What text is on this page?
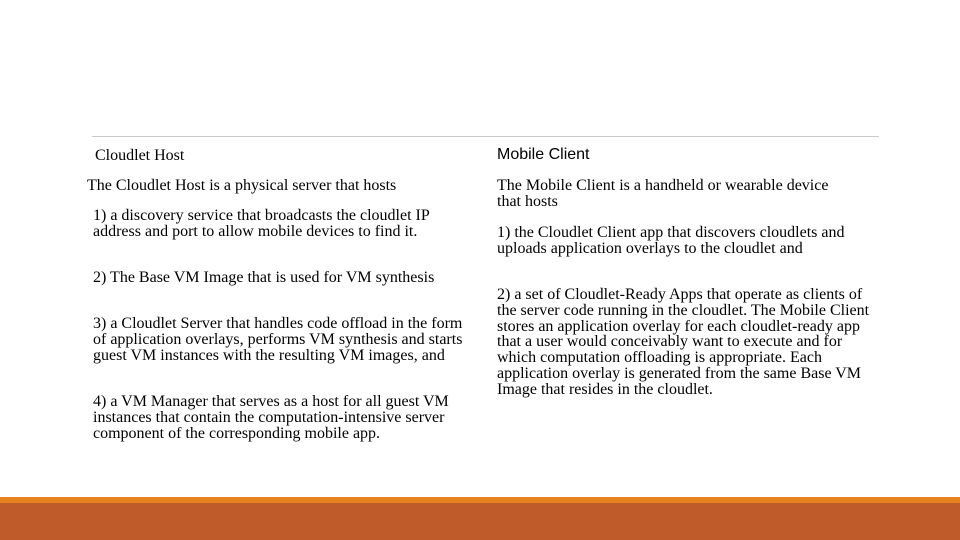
Cloudlet Host

The Cloudlet Host is a physical server that hosts

1) a discovery service that broadcasts the cloudlet IP address and port to allow mobile devices to find it.

2) The Base VM Image that is used for VM synthesis

3) a Cloudlet Server that handles code offload in the form of application overlays, performs VM synthesis and starts guest VM instances with the resulting VM images, and

4) a VM Manager that serves as a host for all guest VM instances that contain the computation-intensive server component of the corresponding mobile app.

Mobile Client

The Mobile Client is a handheld or wearable device that hosts

1) the Cloudlet Client app that discovers cloudlets and uploads application overlays to the cloudlet and

2) a set of Cloudlet-Ready Apps that operate as clients of the server code running in the cloudlet. The Mobile Client stores an application overlay for each cloudlet-ready app that a user would conceivably want to execute and for which computation offloading is appropriate. Each application overlay is generated from the same Base VM Image that resides in the cloudlet.
